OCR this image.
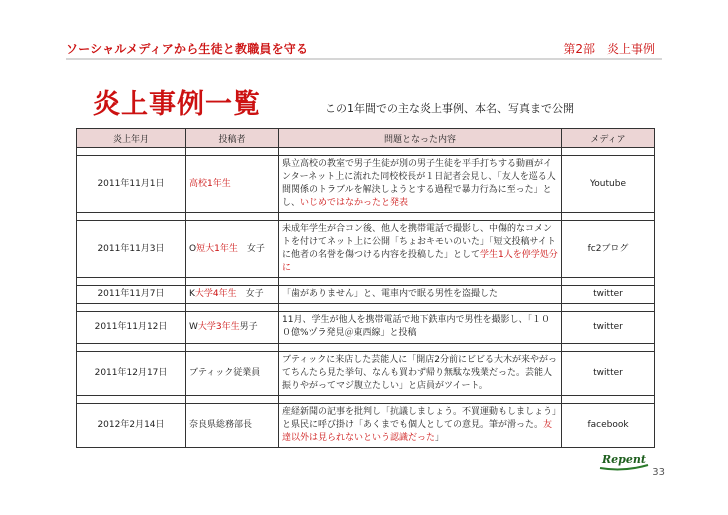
ソーシャルメディアから生徒と教職員を守る	第2部　炎上事例
炎上事例一覧	この1年間での主な炎上事例、本名、写真まで公開
炎上年月	投稿者	問題となった内容	メディア

2011年11月1日	高校1年生	県立高校の教室で男子生徒が別の男子生徒を平手打ちする動画がインターネット上に流れた同校校長が１日記者会見し、「友人を巡る人間関係のトラブルを解決しようとする過程で暴力行為に至った」とし、いじめではなかったと発表	Youtube

2011年11月3日	O短大1年生　女子	未成年学生が合コン後、他人を携帯電話で撮影し、中傷的なコメントを付けてネット上に公開「ちょおキモいのいた」「短文投稿サイトに他者の名誉を傷つける内容を投稿した」として学生1人を停学処分に	fc2ブログ

2011年11月7日	K大学4年生　女子	「歯がありません」と、電車内で眠る男性を盗撮した	twitter

2011年11月12日	W大学3年生男子	11月、学生が他人を携帯電話で地下鉄車内で男性を撮影し、「１００億%ヅラ発見＠東西線」と投稿	twitter

2011年12月17日	ブティック従業員	ブティックに来店した芸能人に「開店2分前にビビる大木が来やがってちんたら見た挙句、なんも買わず帰り無駄な残業だった。芸能人振りやがってマジ腹立たしい」と店員がツイート。	twitter

2012年2月14日	奈良県総務部長	産経新聞の記事を批判し「抗議しましょう。不買運動もしましょう」と県民に呼び掛け「あくまでも個人としての意見。筆が滑った。友達以外は見られないという認識だった」	facebook
Repent
33
